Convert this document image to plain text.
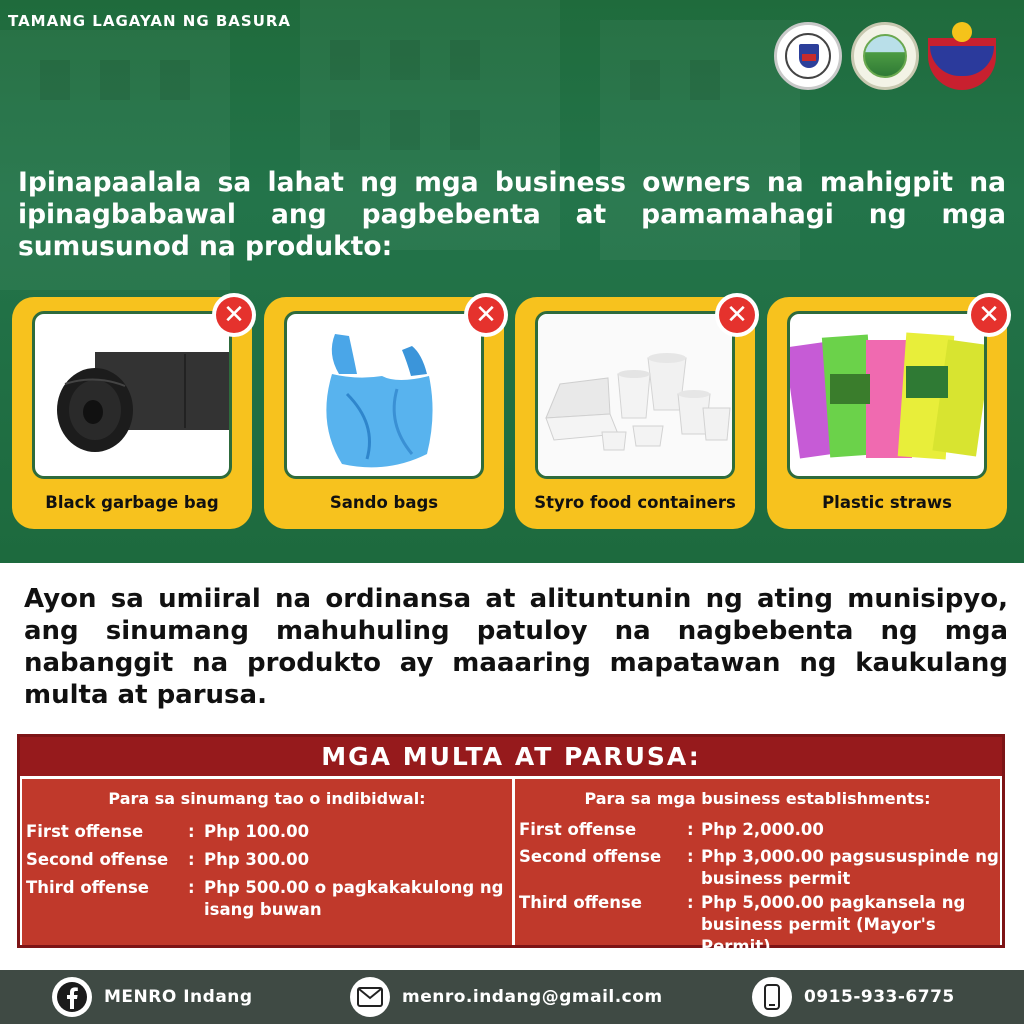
TAMANG LAGAYAN NG BASURA
Ipinapaalala sa lahat ng mga business owners na mahigpit na ipinagbabawal ang pagbebenta at pamamahagi ng mga sumusunod na produkto:
✕
Black garbage bag
✕
Sando bags
✕
Styro food containers
✕
Plastic straws
Ayon sa umiiral na ordinansa at alituntunin ng ating munisipyo, ang sinumang mahuhuling patuloy na nagbebenta ng mga nabanggit na produkto ay maaaring mapatawan ng kaukulang multa at parusa.
MGA MULTA AT PARUSA:
Para sa sinumang tao o indibidwal:
First offense	: Php 100.00
Second offense : Php 300.00
Third offense : Php 500.00 o pagkakakulong ng isang buwan
Para sa mga business establishments:
First offense	: Php 2,000.00
Second offense : Php 3,000.00 pagsususpinde ng business permit
Third offense	: Php 5,000.00 pagkansela ng business permit (Mayor's Permit)
MENRO Indang	menro.indang@gmail.com	0915-933-6775
